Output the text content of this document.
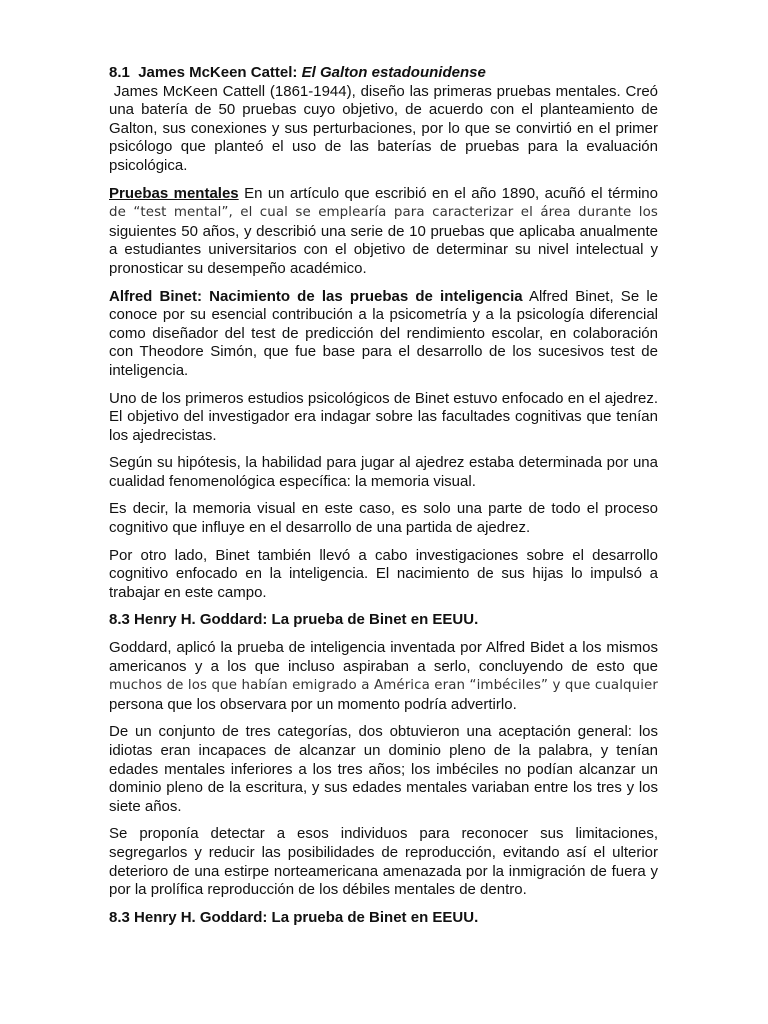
8.1 James McKeen Cattel: El Galton estadounidense

James McKeen Cattell (1861-1944), diseño las primeras pruebas mentales. Creó una batería de 50 pruebas cuyo objetivo, de acuerdo con el planteamiento de Galton, sus conexiones y sus perturbaciones, por lo que se convirtió en el primer psicólogo que planteó el uso de las baterías de pruebas para la evaluación psicológica.

Pruebas mentales En un artículo que escribió en el año 1890, acuñó el término de “test mental”, el cual se emplearía para caracterizar el área durante los siguientes 50 años, y describió una serie de 10 pruebas que aplicaba anualmente a estudiantes universitarios con el objetivo de determinar su nivel intelectual y pronosticar su desempeño académico.

Alfred Binet: Nacimiento de las pruebas de inteligencia Alfred Binet, Se le conoce por su esencial contribución a la psicometría y a la psicología diferencial como diseñador del test de predicción del rendimiento escolar, en colaboración con Theodore Simón, que fue base para el desarrollo de los sucesivos test de inteligencia.

Uno de los primeros estudios psicológicos de Binet estuvo enfocado en el ajedrez. El objetivo del investigador era indagar sobre las facultades cognitivas que tenían los ajedrecistas.

Según su hipótesis, la habilidad para jugar al ajedrez estaba determinada por una cualidad fenomenológica específica: la memoria visual.

Es decir, la memoria visual en este caso, es solo una parte de todo el proceso cognitivo que influye en el desarrollo de una partida de ajedrez.

Por otro lado, Binet también llevó a cabo investigaciones sobre el desarrollo cognitivo enfocado en la inteligencia. El nacimiento de sus hijas lo impulsó a trabajar en este campo.

8.3 Henry H. Goddard: La prueba de Binet en EEUU.

Goddard, aplicó la prueba de inteligencia inventada por Alfred Bidet a los mismos americanos y a los que incluso aspiraban a serlo, concluyendo de esto que muchos de los que habían emigrado a América eran “imbéciles” y que cualquier persona que los observara por un momento podría advertirlo.

De un conjunto de tres categorías, dos obtuvieron una aceptación general: los idiotas eran incapaces de alcanzar un dominio pleno de la palabra, y tenían edades mentales inferiores a los tres años; los imbéciles no podían alcanzar un dominio pleno de la escritura, y sus edades mentales variaban entre los tres y los siete años.

Se proponía detectar a esos individuos para reconocer sus limitaciones, segregarlos y reducir las posibilidades de reproducción, evitando así el ulterior deterioro de una estirpe norteamericana amenazada por la inmigración de fuera y por la prolífica reproducción de los débiles mentales de dentro.

8.3 Henry H. Goddard: La prueba de Binet en EEUU.
